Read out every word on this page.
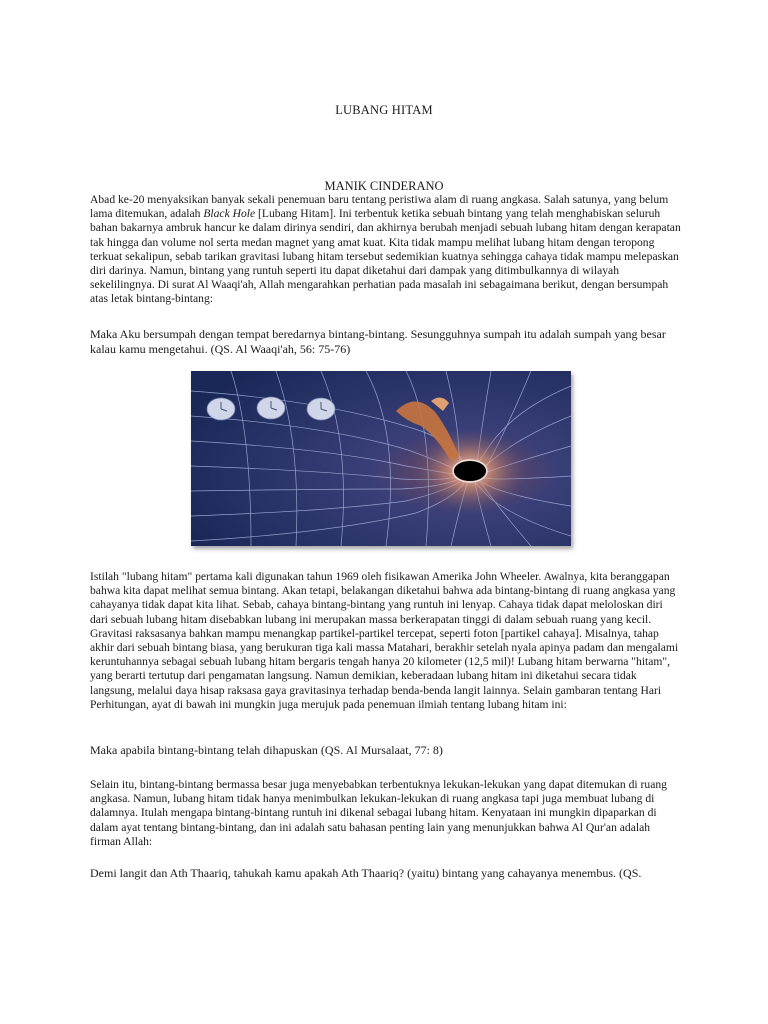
LUBANG HITAM
MANIK CINDERANO

Abad ke-20 menyaksikan banyak sekali penemuan baru tentang peristiwa alam di ruang angkasa. Salah satunya, yang belum lama ditemukan, adalah Black Hole [Lubang Hitam]. Ini terbentuk ketika sebuah bintang yang telah menghabiskan seluruh bahan bakarnya ambruk hancur ke dalam dirinya sendiri, dan akhirnya berubah menjadi sebuah lubang hitam dengan kerapatan tak hingga dan volume nol serta medan magnet yang amat kuat. Kita tidak mampu melihat lubang hitam dengan teropong terkuat sekalipun, sebab tarikan gravitasi lubang hitam tersebut sedemikian kuatnya sehingga cahaya tidak mampu melepaskan diri darinya. Namun, bintang yang runtuh seperti itu dapat diketahui dari dampak yang ditimbulkannya di wilayah sekelilingnya. Di surat Al Waaqi'ah, Allah mengarahkan perhatian pada masalah ini sebagaimana berikut, dengan bersumpah atas letak bintang-bintang:

Maka Aku bersumpah dengan tempat beredarnya bintang-bintang. Sesungguhnya sumpah itu adalah sumpah yang besar kalau kamu mengetahui. (QS. Al Waaqi'ah, 56: 75-76)

Istilah "lubang hitam" pertama kali digunakan tahun 1969 oleh fisikawan Amerika John Wheeler. Awalnya, kita beranggapan bahwa kita dapat melihat semua bintang. Akan tetapi, belakangan diketahui bahwa ada bintang-bintang di ruang angkasa yang cahayanya tidak dapat kita lihat. Sebab, cahaya bintang-bintang yang runtuh ini lenyap. Cahaya tidak dapat meloloskan diri dari sebuah lubang hitam disebabkan lubang ini merupakan massa berkerapatan tinggi di dalam sebuah ruang yang kecil. Gravitasi raksasanya bahkan mampu menangkap partikel-partikel tercepat, seperti foton [partikel cahaya]. Misalnya, tahap akhir dari sebuah bintang biasa, yang berukuran tiga kali massa Matahari, berakhir setelah nyala apinya padam dan mengalami keruntuhannya sebagai sebuah lubang hitam bergaris tengah hanya 20 kilometer (12,5 mil)! Lubang hitam berwarna "hitam", yang berarti tertutup dari pengamatan langsung. Namun demikian, keberadaan lubang hitam ini diketahui secara tidak langsung, melalui daya hisap raksasa gaya gravitasinya terhadap benda-benda langit lainnya. Selain gambaran tentang Hari Perhitungan, ayat di bawah ini mungkin juga merujuk pada penemuan ilmiah tentang lubang hitam ini:

Maka apabila bintang-bintang telah dihapuskan (QS. Al Mursalaat, 77: 8)

Selain itu, bintang-bintang bermassa besar juga menyebabkan terbentuknya lekukan-lekukan yang dapat ditemukan di ruang angkasa. Namun, lubang hitam tidak hanya menimbulkan lekukan-lekukan di ruang angkasa tapi juga membuat lubang di dalamnya. Itulah mengapa bintang-bintang runtuh ini dikenal sebagai lubang hitam. Kenyataan ini mungkin dipaparkan di dalam ayat tentang bintang-bintang, dan ini adalah satu bahasan penting lain yang menunjukkan bahwa Al Qur'an adalah firman Allah:

Demi langit dan Ath Thaariq, tahukah kamu apakah Ath Thaariq? (yaitu) bintang yang cahayanya menembus. (QS.
